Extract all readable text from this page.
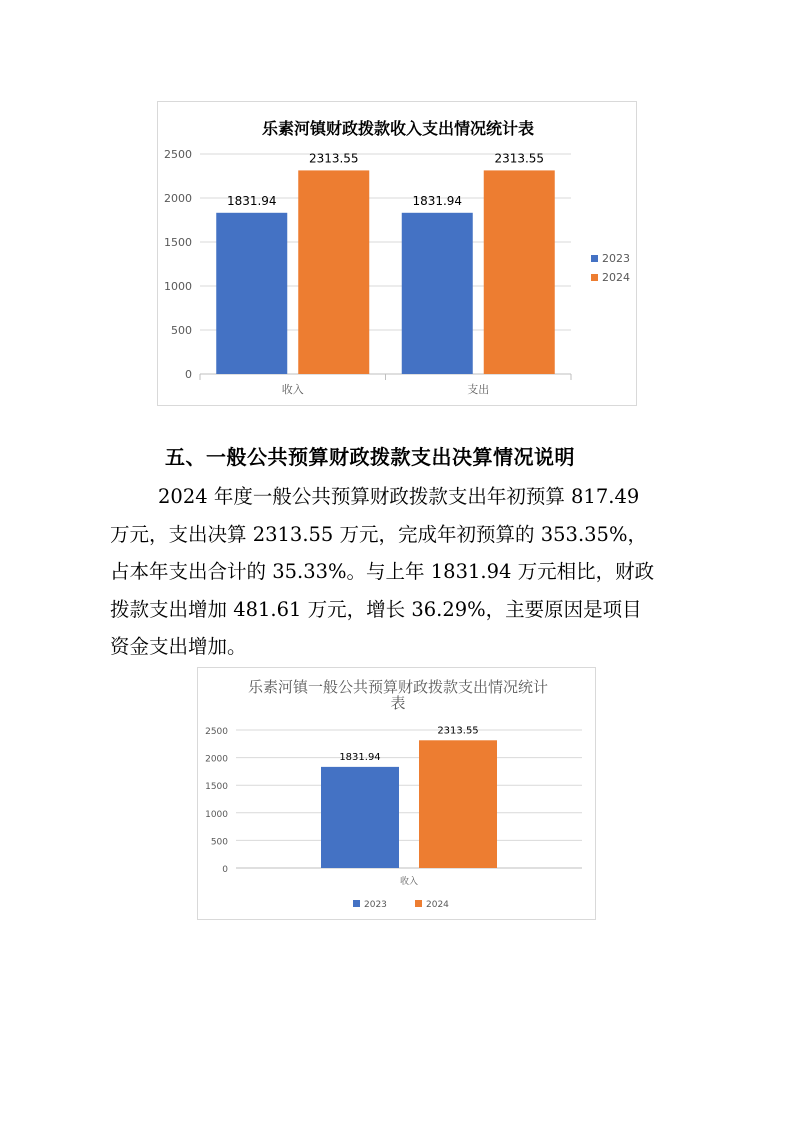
乐素河镇财政拨款收入支出情况统计表
0
500
1000
1500
2000
2500
1831.94
2313.55
收入
1831.94
2313.55
支出
2023
2024
五、一般公共预算财政拨款支出决算情况说明
2024 年度一般公共预算财政拨款支出年初预算 817.49
万元，支出决算 2313.55 万元，完成年初预算的 353.35%，
占本年支出合计的 35.33%。与上年 1831.94 万元相比，财政
拨款支出增加 481.61 万元，增长 36.29%，主要原因是项目
资金支出增加。
乐素河镇一般公共预算财政拨款支出情况统计
表
0
500
1000
1500
2000
2500
1831.94
2313.55
收入
2023	2024
